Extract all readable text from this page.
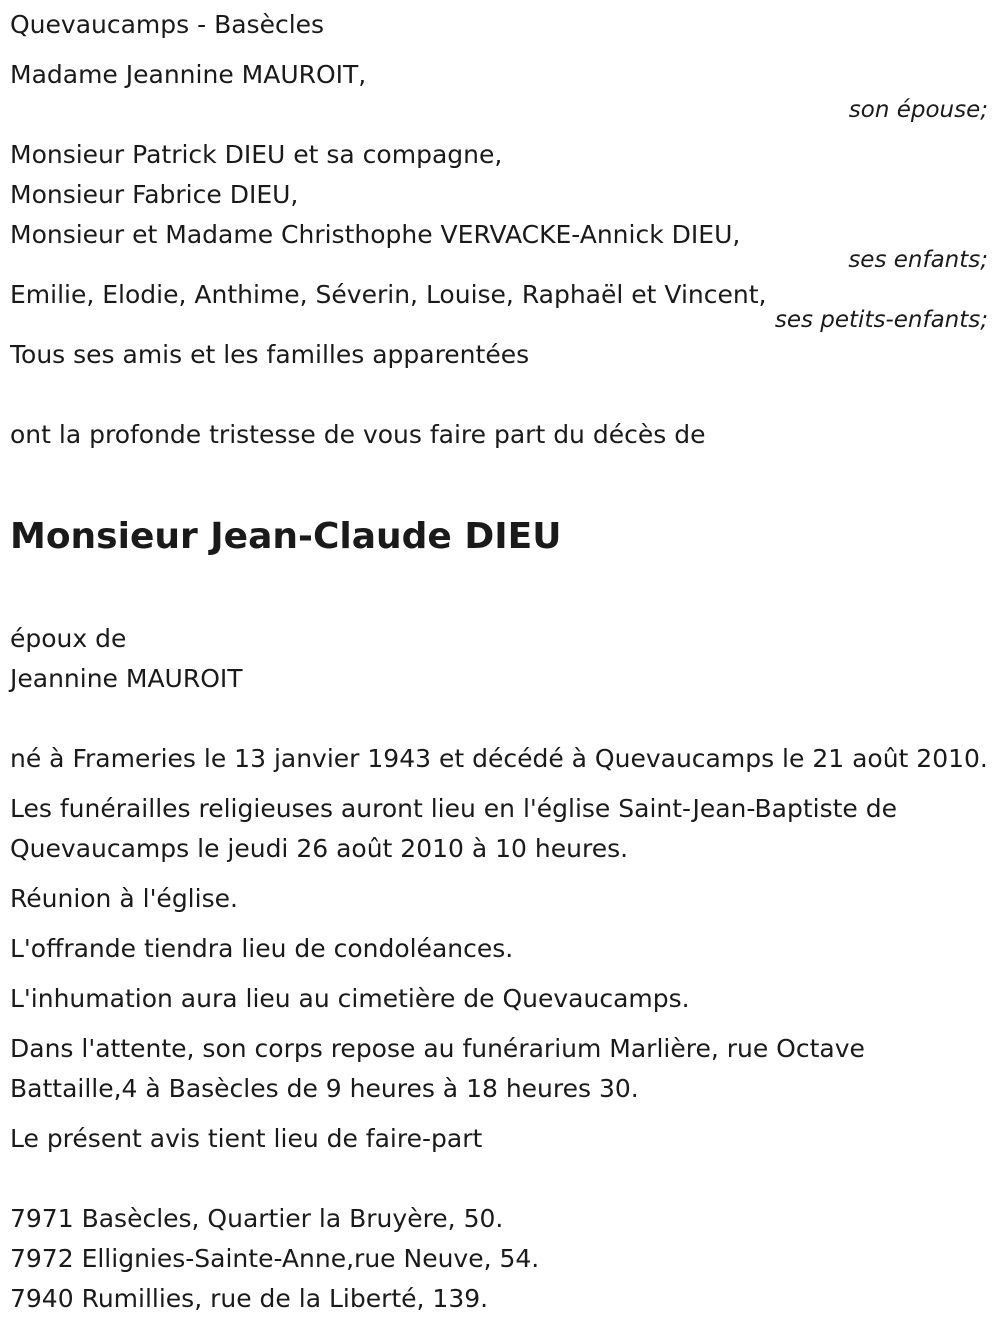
Quevaucamps - Basècles

Madame Jeannine MAUROIT,

son épouse;

Monsieur Patrick DIEU et sa compagne,

Monsieur Fabrice DIEU,

Monsieur et Madame Christhophe VERVACKE-Annick DIEU,

ses enfants;

Emilie, Elodie, Anthime, Séverin, Louise, Raphaël et Vincent,

ses petits-enfants;

Tous ses amis et les familles apparentées

ont la profonde tristesse de vous faire part du décès de

Monsieur Jean-Claude DIEU

époux de

Jeannine MAUROIT

né à Frameries le 13 janvier 1943 et décédé à Quevaucamps le 21 août 2010.

Les funérailles religieuses auront lieu en l'église Saint-Jean-Baptiste de Quevaucamps le jeudi 26 août 2010 à 10 heures.

Réunion à l'église.

L'offrande tiendra lieu de condoléances.

L'inhumation aura lieu au cimetière de Quevaucamps.

Dans l'attente, son corps repose au funérarium Marlière, rue Octave Battaille,4 à Basècles de 9 heures à 18 heures 30.

Le présent avis tient lieu de faire-part

7971 Basècles, Quartier la Bruyère, 50.

7972 Ellignies-Sainte-Anne,rue Neuve, 54.

7940 Rumillies, rue de la Liberté, 139.
